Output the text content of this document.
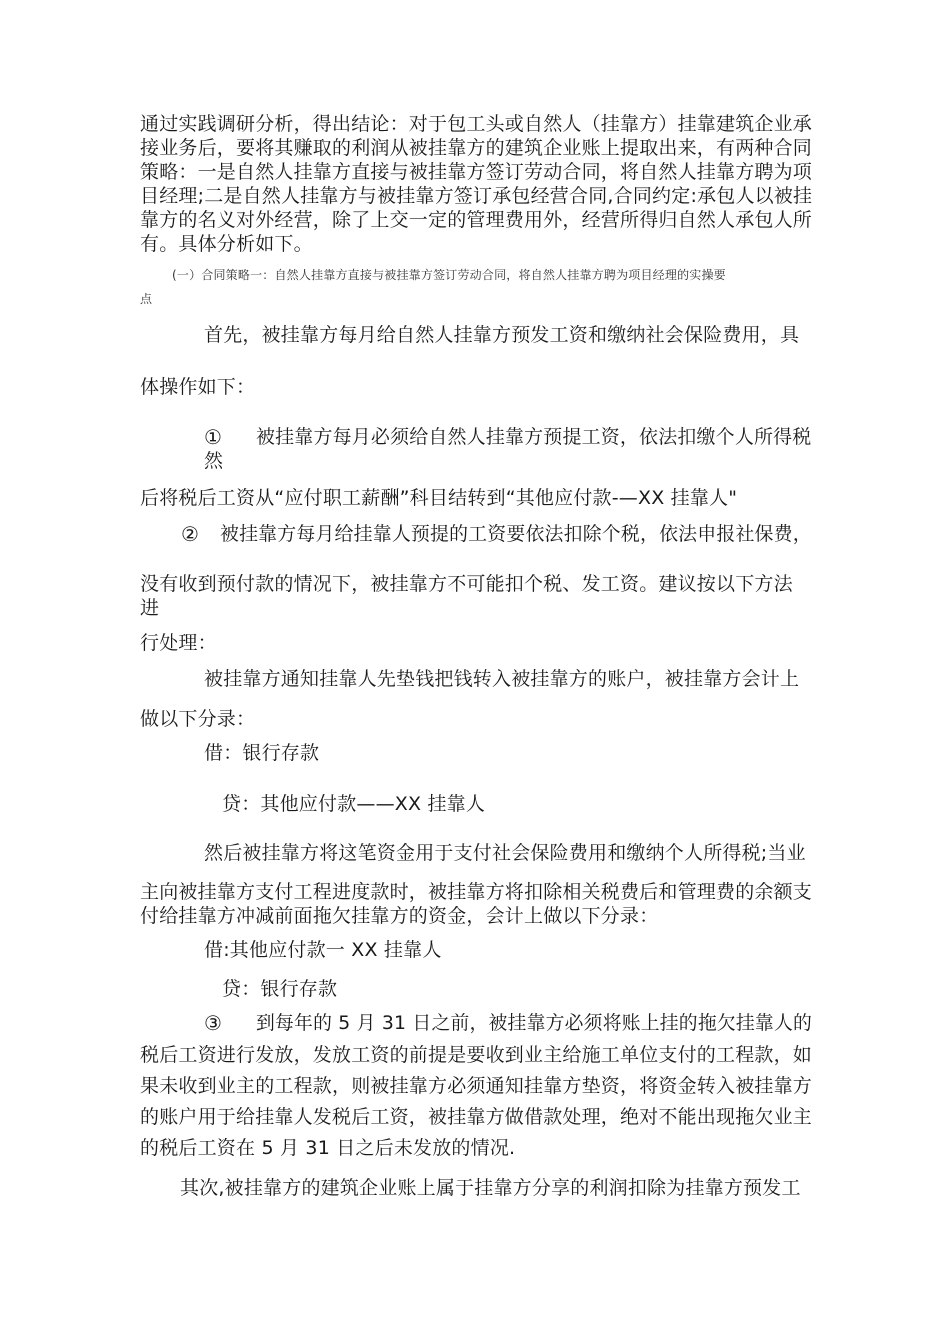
通过实践调研分析，得出结论：对于包工头或自然人（挂靠方）挂靠建筑企业承
接业务后，要将其赚取的利润从被挂靠方的建筑企业账上提取出来，有两种合同
策略：一是自然人挂靠方直接与被挂靠方签订劳动合同，将自然人挂靠方聘为项
目经理;二是自然人挂靠方与被挂靠方签订承包经营合同,合同约定:承包人以被挂
靠方的名义对外经营，除了上交一定的管理费用外，经营所得归自然人承包人所
有。具体分析如下。
(一）合同策略一：自然人挂靠方直接与被挂靠方签订劳动合同，将自然人挂靠方聘为项目经理的实操要
点
首先，被挂靠方每月给自然人挂靠方预发工资和缴纳社会保险费用，具
体操作如下：
① 被挂靠方每月必须给自然人挂靠方预提工资，依法扣缴个人所得税
然
后将税后工资从“应付职工薪酬”科目结转到“其他应付款-—XX 挂靠人"
② 被挂靠方每月给挂靠人预提的工资要依法扣除个税，依法申报社保费，
没有收到预付款的情况下，被挂靠方不可能扣个税、发工资。建议按以下方法
进
行处理：
被挂靠方通知挂靠人先垫钱把钱转入被挂靠方的账户，被挂靠方会计上
做以下分录：
借：银行存款
贷：其他应付款——XX 挂靠人
然后被挂靠方将这笔资金用于支付社会保险费用和缴纳个人所得税;当业
主向被挂靠方支付工程进度款时，被挂靠方将扣除相关税费后和管理费的余额支
付给挂靠方冲减前面拖欠挂靠方的资金，会计上做以下分录：
借:其他应付款一 XX 挂靠人
贷：银行存款
③ 到每年的 5 月 31 日之前，被挂靠方必须将账上挂的拖欠挂靠人的
税后工资进行发放，发放工资的前提是要收到业主给施工单位支付的工程款，如
果未收到业主的工程款，则被挂靠方必须通知挂靠方垫资，将资金转入被挂靠方
的账户用于给挂靠人发税后工资，被挂靠方做借款处理，绝对不能出现拖欠业主
的税后工资在 5 月 31 日之后未发放的情况.
其次,被挂靠方的建筑企业账上属于挂靠方分享的利润扣除为挂靠方预发工
